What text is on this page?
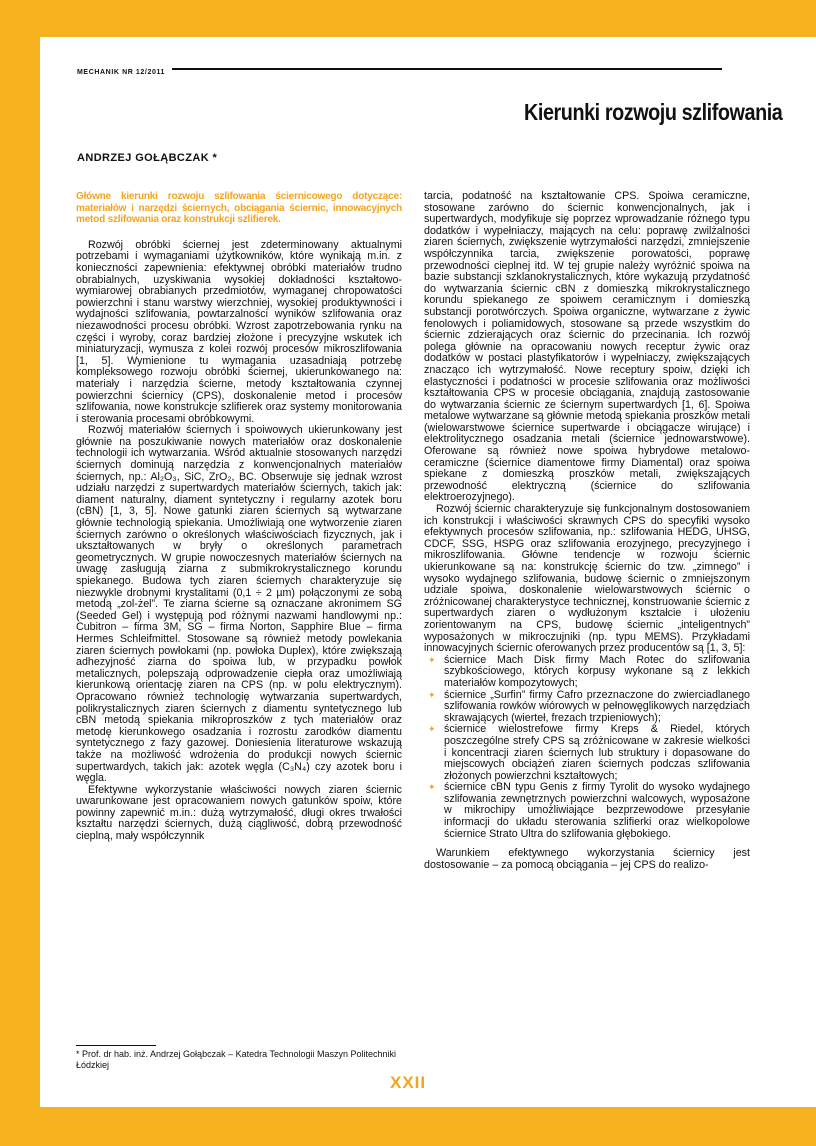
MECHANIK NR 12/2011
Kierunki rozwoju szlifowania
ANDRZEJ GOŁĄBCZAK *
Główne kierunki rozwoju szlifowania ściernicowego dotyczące: materiałów i narzędzi ściernych, obciągania ściernic, innowacyjnych metod szlifowania oraz konstrukcji szlifierek.

Rozwój obróbki ściernej jest zdeterminowany aktualnymi potrzebami i wymaganiami użytkowników, które wynikają m.in. z konieczności zapewnienia: efektywnej obróbki materiałów trudno obrabialnych, uzyskiwania wysokiej dokładności kształtowo-wymiarowej obrabianych przedmiotów, wymaganej chropowatości powierzchni i stanu warstwy wierzchniej, wysokiej produktywności i wydajności szlifowania, powtarzalności wyników szlifowania oraz niezawodności procesu obróbki. Wzrost zapotrzebowania rynku na części i wyroby, coraz bardziej złożone i precyzyjne wskutek ich miniaturyzacji, wymusza z kolei rozwój procesów mikroszlifowania [1, 5]. Wymienione tu wymagania uzasadniają potrzebę kompleksowego rozwoju obróbki ściernej, ukierunkowanego na: materiały i narzędzia ścierne, metody kształtowania czynnej powierzchni ściernicy (CPS), doskonalenie metod i procesów szlifowania, nowe konstrukcje szlifierek oraz systemy monitorowania i sterowania procesami obróbkowymi.

Rozwój materiałów ściernych i spoiwowych ukierunkowany jest głównie na poszukiwanie nowych materiałów oraz doskonalenie technologii ich wytwarzania. Wśród aktualnie stosowanych narzędzi ściernych dominują narzędzia z konwencjonalnych materiałów ściernych, np.: Al₂O₃, SiC, ZrO₂, BC. Obserwuje się jednak wzrost udziału narzędzi z supertwardych materiałów ściernych, takich jak: diament naturalny, diament syntetyczny i regularny azotek boru (cBN) [1, 3, 5]. Nowe gatunki ziaren ściernych są wytwarzane głównie technologią spiekania. Umożliwiają one wytworzenie ziaren ściernych zarówno o określonych właściwościach fizycznych, jak i ukształtowanych w bryły o określonych parametrach geometrycznych. W grupie nowoczesnych materiałów ściernych na uwagę zasługują ziarna z submikrokrystalicznego korundu spiekanego. Budowa tych ziaren ściernych charakteryzuje się niezwykle drobnymi krystalitami (0,1 ÷ 2 µm) połączonymi ze sobą metodą „zol-żel”. Te ziarna ścierne są oznaczane akronimem SG (Seeded Gel) i występują pod różnymi nazwami handlowymi np.: Cubitron – firma 3M, SG – firma Norton, Sapphire Blue – firma Hermes Schleifmittel. Stosowane są również metody powlekania ziaren ściernych powłokami (np. powłoka Duplex), które zwiększają adhezyjność ziarna do spoiwa lub, w przypadku powłok metalicznych, polepszają odprowadzenie ciepła oraz umożliwiają kierunkową orientację ziaren na CPS (np. w polu elektrycznym). Opracowano również technologię wytwarzania supertwardych, polikrystalicznych ziaren ściernych z diamentu syntetycznego lub cBN metodą spiekania mikroproszków z tych materiałów oraz metodę kierunkowego osadzania i rozrostu zarodków diamentu syntetycznego z fazy gazowej. Doniesienia literaturowe wskazują także na możliwość wdrożenia do produkcji nowych ściernic supertwardych, takich jak: azotek węgla (C₃N₄) czy azotek boru i węgla.

Efektywne wykorzystanie właściwości nowych ziaren ściernic uwarunkowane jest opracowaniem nowych gatunków spoiw, które powinny zapewnić m.in.: dużą wytrzymałość, długi okres trwałości kształtu narzędzi ściernych, dużą ciągliwość, dobrą przewodność cieplną, mały współczynnik

tarcia, podatność na kształtowanie CPS. Spoiwa ceramiczne, stosowane zarówno do ściernic konwencjonalnych, jak i supertwardych, modyfikuje się poprzez wprowadzanie różnego typu dodatków i wypełniaczy, mających na celu: poprawę zwilżalności ziaren ściernych, zwiększenie wytrzymałości narzędzi, zmniejszenie współczynnika tarcia, zwiększenie porowatości, poprawę przewodności cieplnej itd. W tej grupie należy wyróżnić spoiwa na bazie substancji szklanokrystalicznych, które wykazują przydatność do wytwarzania ściernic cBN z domieszką mikrokrystalicznego korundu spiekanego ze spoiwem ceramicznym i domieszką substancji porotwórczych. Spoiwa organiczne, wytwarzane z żywic fenolowych i poliamidowych, stosowane są przede wszystkim do ściernic zdzierających oraz ściernic do przecinania. Ich rozwój polega głównie na opracowaniu nowych receptur żywic oraz dodatków w postaci plastyfikatorów i wypełniaczy, zwiększających znacząco ich wytrzymałość. Nowe receptury spoiw, dzięki ich elastyczności i podatności w procesie szlifowania oraz możliwości kształtowania CPS w procesie obciągania, znajdują zastosowanie do wytwarzania ściernic ze ściernym supertwardych [1, 6]. Spoiwa metalowe wytwarzane są głównie metodą spiekania proszków metali (wielowarstwowe ściernice supertwarde i obciągacze wirujące) i elektrolitycznego osadzania metali (ściernice jednowarstwowe). Oferowane są również nowe spoiwa hybrydowe metalowo-ceramiczne (ściernice diamentowe firmy Diamental) oraz spoiwa spiekane z domieszką proszków metali, zwiększających przewodność elektryczną (ściernice do szlifowania elektroerozyjnego).

Rozwój ściernic charakteryzuje się funkcjonalnym dostosowaniem ich konstrukcji i właściwości skrawnych CPS do specyfiki wysoko efektywnych procesów szlifowania, np.: szlifowania HEDG, UHSG, CDCF, SSG, HSPG oraz szlifowania erozyjnego, precyzyjnego i mikroszlifowania. Główne tendencje w rozwoju ściernic ukierunkowane są na: konstrukcję ściernic do tzw. „zimnego” i wysoko wydajnego szlifowania, budowę ściernic o zmniejszonym udziale spoiwa, doskonalenie wielowarstwowych ściernic o zróżnicowanej charakterystyce technicznej, konstruowanie ściernic z supertwardych ziaren o wydłużonym kształcie i ułożeniu zorientowanym na CPS, budowę ściernic „inteligentnych” wyposażonych w mikroczujniki (np. typu MEMS). Przykładami innowacyjnych ściernic oferowanych przez producentów są [1, 3, 5]:

✦ ściernice Mach Disk firmy Mach Rotec do szlifowania szybkościowego, których korpusy wykonane są z lekkich materiałów kompozytowych;
✦ ściernice „Surfin” firmy Cafro przeznaczone do zwierciadlanego szlifowania rowków wiórowych w pełnowęglikowych narzędziach skrawających (wierteł, frezach trzpieniowych);
✦ ściernice wielostrefowe firmy Kreps & Riedel, których poszczególne strefy CPS są zróżnicowane w zakresie wielkości i koncentracji ziaren ściernych lub struktury i dopasowane do miejscowych obciążeń ziaren ściernych podczas szlifowania złożonych powierzchni kształtowych;
✦ ściernice cBN typu Genis z firmy Tyrolit do wysoko wydajnego szlifowania zewnętrznych powierzchni walcowych, wyposażone w mikrochipy umożliwiające bezprzewodowe przesyłanie informacji do układu sterowania szlifierki oraz wielkopolowe ściernice Strato Ultra do szlifowania głębokiego.

Warunkiem efektywnego wykorzystania ściernicy jest dostosowanie – za pomocą obciągania – jej CPS do realizo-

* Prof. dr hab. inż. Andrzej Gołąbczak – Katedra Technologii Maszyn Politechniki Łódzkiej
XXII
